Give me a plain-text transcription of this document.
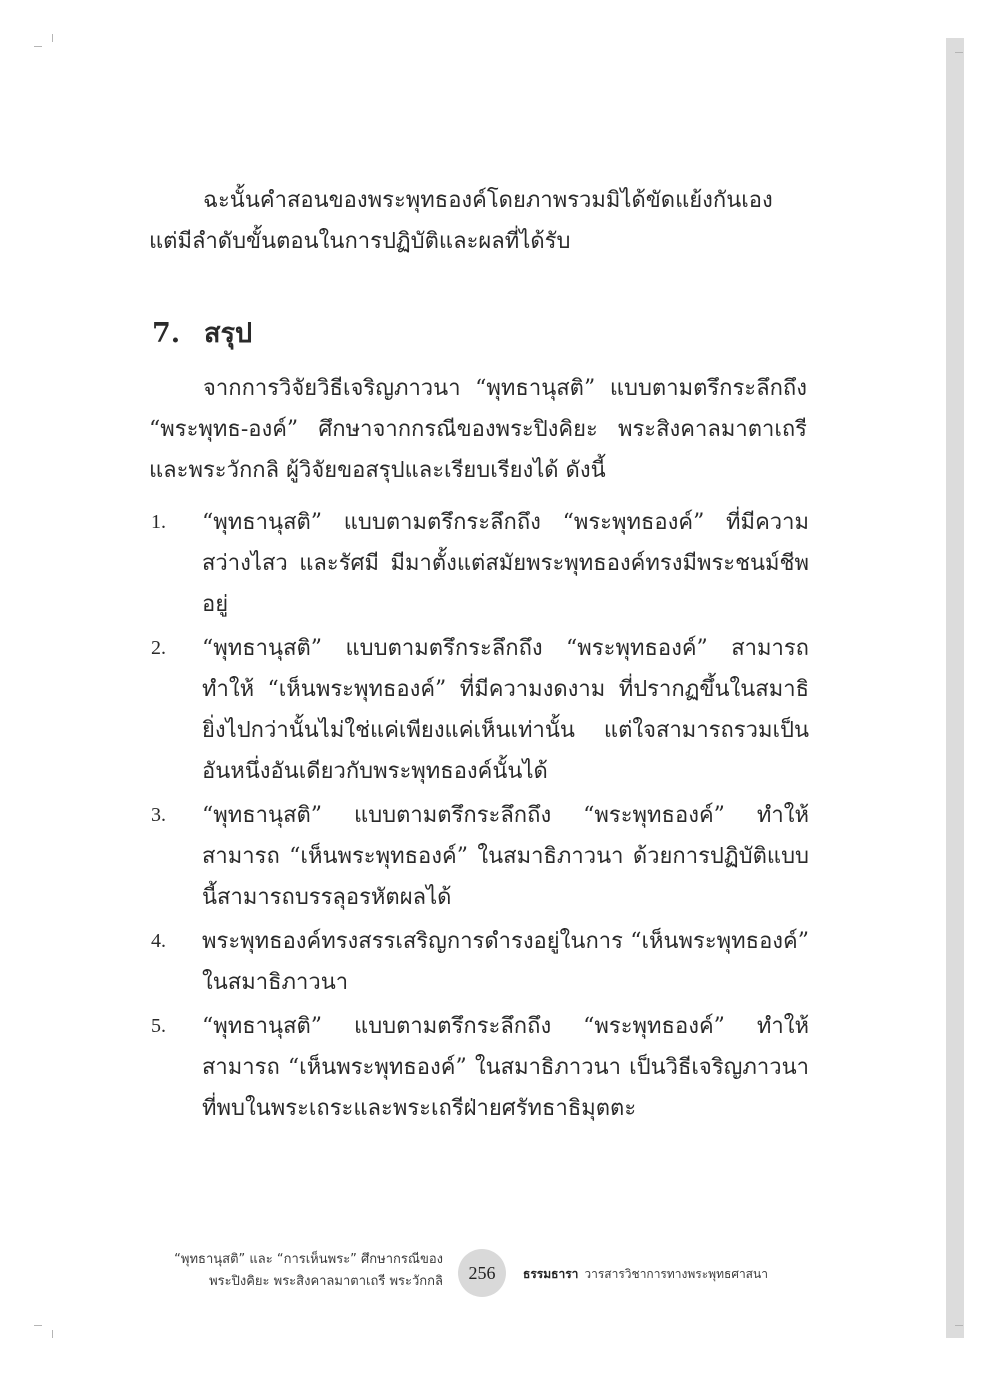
ฉะนั้นคำสอนของพระพุทธองค์โดยภาพรวมมิได้ขัดแย้งกันเอง แต่มีลำดับขั้นตอนในการปฏิบัติและผลที่ได้รับ

7. สรุป

จากการวิจัยวิธีเจริญภาวนา “พุทธานุสติ” แบบตามตรึกระลึกถึง “พระพุทธ-องค์” ศึกษาจากกรณีของพระปิงคิยะ พระสิงคาลมาตาเถรีและพระวักกลิ ผู้วิจัยขอสรุปและเรียบเรียงได้ ดังนี้

1. “พุทธานุสติ” แบบตามตรึกระลึกถึง “พระพุทธองค์” ที่มีความสว่างไสว และรัศมี มีมาตั้งแต่สมัยพระพุทธองค์ทรงมีพระชนม์ชีพอยู่
2. “พุทธานุสติ” แบบตามตรึกระลึกถึง “พระพุทธองค์” สามารถทำให้ “เห็นพระพุทธองค์” ที่มีความงดงาม ที่ปรากฏขึ้นในสมาธิ ยิ่งไปกว่านั้นไม่ใช่แค่เพียงแค่เห็นเท่านั้น แต่ใจสามารถรวมเป็นอันหนึ่งอันเดียวกับพระพุทธองค์นั้นได้
3. “พุทธานุสติ” แบบตามตรึกระลึกถึง “พระพุทธองค์” ทำให้สามารถ “เห็นพระพุทธองค์” ในสมาธิภาวนา ด้วยการปฏิบัติแบบนี้สามารถบรรลุอรหัตผลได้
4. พระพุทธองค์ทรงสรรเสริญการดำรงอยู่ในการ “เห็นพระพุทธองค์” ในสมาธิภาวนา
5. “พุทธานุสติ” แบบตามตรึกระลึกถึง “พระพุทธองค์” ทำให้สามารถ “เห็นพระพุทธองค์” ในสมาธิภาวนา เป็นวิธีเจริญภาวนาที่พบในพระเถระและพระเถรีฝ่ายศรัทธาธิมุตตะ
“พุทธานุสติ” และ “การเห็นพระ” ศึกษากรณีของ
พระปิงคิยะ พระสิงคาลมาตาเถรี พระวักกลิ	256	ธรรมธารา วารสารวิชาการทางพระพุทธศาสนา
